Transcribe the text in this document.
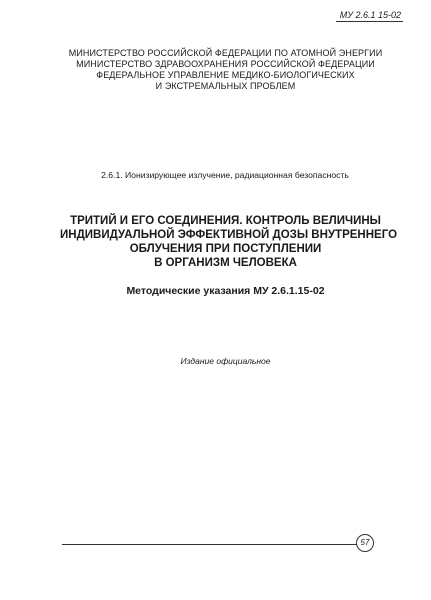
МУ 2.6.1 15-02
МИНИСТЕРСТВО РОССИЙСКОЙ ФЕДЕРАЦИИ ПО АТОМНОЙ ЭНЕРГИИ
МИНИСТЕРСТВО ЗДРАВООХРАНЕНИЯ РОССИЙСКОЙ ФЕДЕРАЦИИ
ФЕДЕРАЛЬНОЕ УПРАВЛЕНИЕ МЕДИКО-БИОЛОГИЧЕСКИХ
И ЭКСТРЕМАЛЬНЫХ ПРОБЛЕМ
2.6.1. Ионизирующее излучение, радиационная безопасность
ТРИТИЙ И ЕГО СОЕДИНЕНИЯ. КОНТРОЛЬ ВЕЛИЧИНЫ
ИНДИВИДУАЛЬНОЙ ЭФФЕКТИВНОЙ ДОЗЫ ВНУТРЕННЕГО
ОБЛУЧЕНИЯ ПРИ ПОСТУПЛЕНИИ
В ОРГАНИЗМ ЧЕЛОВЕКА
Методические указания МУ 2.6.1.15-02
Издание официальное
57
